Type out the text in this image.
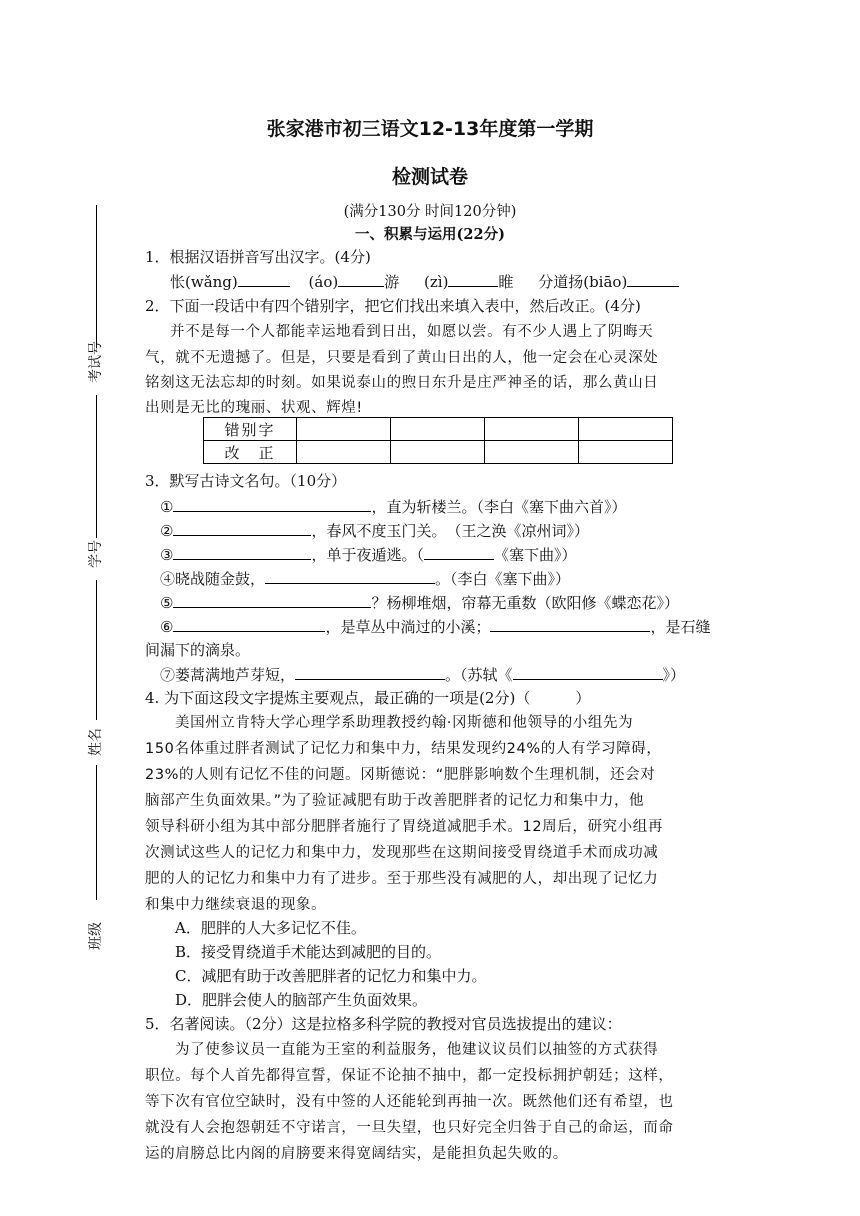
张家港市初三语文12-13年度第一学期
检测试卷
(满分130分 时间120分钟)
一、积累与运用(22分)
考试号
学号
姓名
班级
1．根据汉语拼音写出汉字。(4分)
怅(wǎng)	(áo)	游 (zì)	睢 分道扬(biāo)
2．下面一段话中有四个错别字，把它们找出来填入表中，然后改正。(4分)
并不是每一个人都能幸运地看到日出，如愿以尝。有不少人遇上了阴晦天
气，就不无遗撼了。但是，只要是看到了黄山日出的人，他一定会在心灵深处
铭刻这无法忘却的时刻。如果说泰山的煦日东升是庄严神圣的话，那么黄山日
出则是无比的瑰丽、状观、辉煌!
错别字				
改　正				
3．默写古诗文名句。（10分）
①	，直为斩楼兰。（李白《塞下曲六首》）
②	，春风不度玉门关。　（王之涣《凉州词》）
③	，单于夜遁逃。（	《塞下曲》）
④晓战随金鼓，	。（李白《塞下曲》）
⑤	？杨柳堆烟，帘幕无重数（欧阳修《蝶恋花》）
⑥	，是草丛中淌过的小溪；	，是石缝
间漏下的滴泉。
⑦蒌蒿满地芦芽短，	。（苏轼《	》）
4. 为下面这段文字提炼主要观点，最正确的一项是(2分)（　　　）
美国州立肯特大学心理学系助理教授约翰·冈斯德和他领导的小组先为
150名体重过胖者测试了记忆力和集中力，结果发现约24%的人有学习障碍，
23%的人则有记忆不佳的问题。冈斯德说：“肥胖影响数个生理机制，还会对
脑部产生负面效果。”为了验证减肥有助于改善肥胖者的记忆力和集中力，他
领导科研小组为其中部分肥胖者施行了胃绕道减肥手术。12周后，研究小组再
次测试这些人的记忆力和集中力，发现那些在这期间接受胃绕道手术而成功减
肥的人的记忆力和集中力有了进步。至于那些没有减肥的人，却出现了记忆力
和集中力继续衰退的现象。
A．肥胖的人大多记忆不佳。
B．接受胃绕道手术能达到减肥的目的。
C．减肥有助于改善肥胖者的记忆力和集中力。
D．肥胖会使人的脑部产生负面效果。
5．名著阅读。（2分）这是拉格多科学院的教授对官员选拔提出的建议：
为了使参议员一直能为王室的利益服务，他建议议员们以抽签的方式获得
职位。每个人首先都得宣誓，保证不论抽不抽中，都一定投标拥护朝廷；这样，
等下次有官位空缺时，没有中签的人还能轮到再抽一次。既然他们还有希望，也
就没有人会抱怨朝廷不守诺言，一旦失望，也只好完全归咎于自己的命运，而命
运的肩膀总比内阁的肩膀要来得宽阔结实，是能担负起失败的。
